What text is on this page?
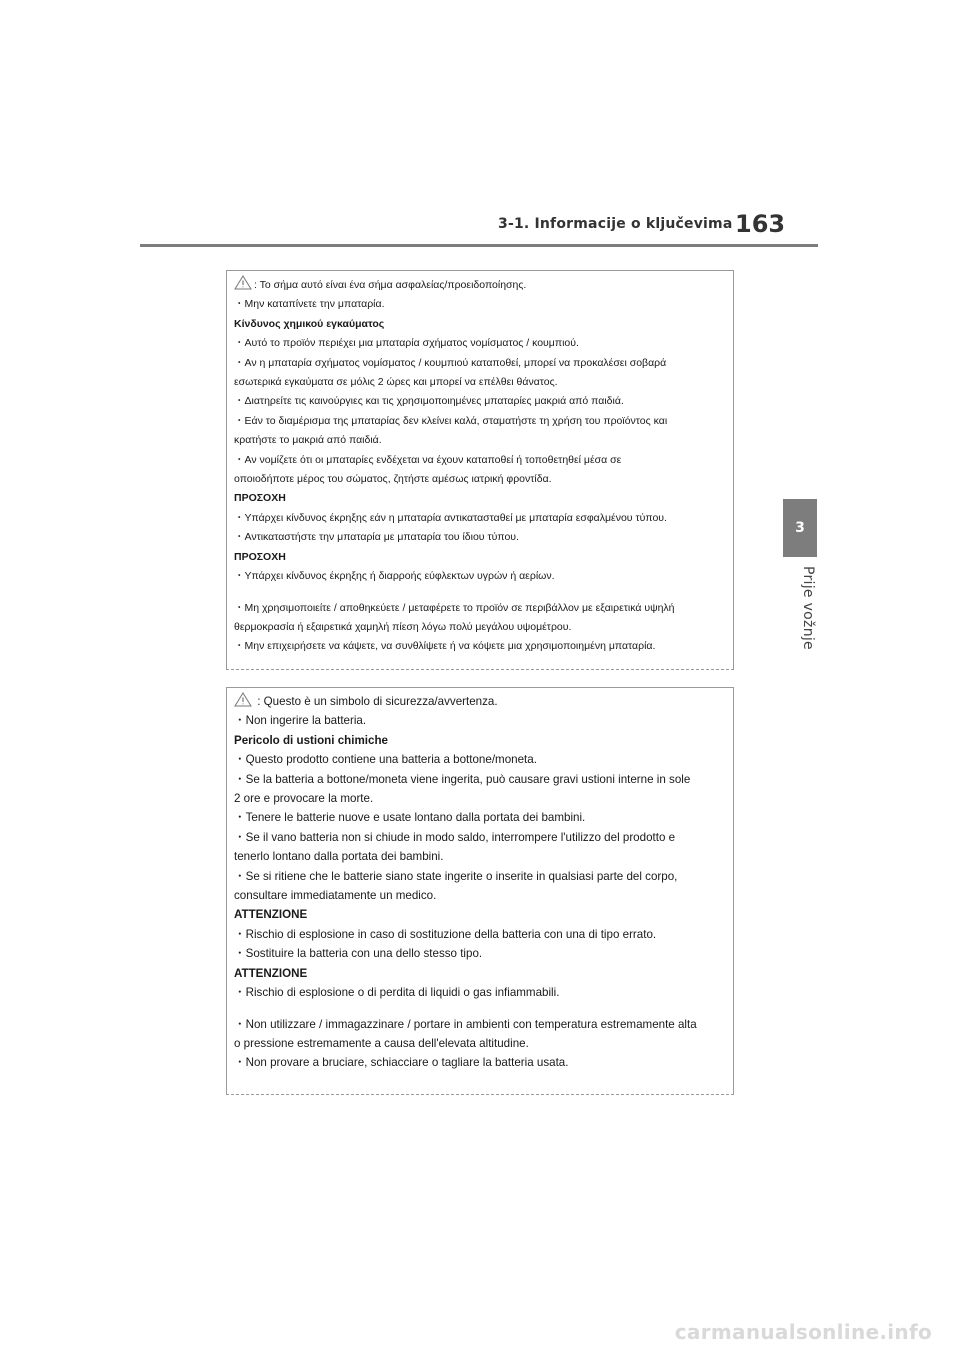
3-1. Informacije o ključevima 163
3
Prije vožnje
: Το σήμα αυτό είναι ένα σήμα ασφαλείας/προειδοποίησης.
・Μην καταπίνετε την μπαταρία.
Κίνδυνος χημικού εγκαύματος
・Αυτό το προϊόν περιέχει μια μπαταρία σχήματος νομίσματος / κουμπιού.
・Αν η μπαταρία σχήματος νομίσματος / κουμπιού καταποθεί, μπορεί να προκαλέσει σοβαρά
εσωτερικά εγκαύματα σε μόλις 2 ώρες και μπορεί να επέλθει θάνατος.
・Διατηρείτε τις καινούργιες και τις χρησιμοποιημένες μπαταρίες μακριά από παιδιά.
・Εάν το διαμέρισμα της μπαταρίας δεν κλείνει καλά, σταματήστε τη χρήση του προϊόντος και
κρατήστε το μακριά από παιδιά.
・Αν νομίζετε ότι οι μπαταρίες ενδέχεται να έχουν καταποθεί ή τοποθετηθεί μέσα σε
οποιοδήποτε μέρος του σώματος, ζητήστε αμέσως ιατρική φροντίδα.
ΠΡΟΣΟΧΗ
・Υπάρχει κίνδυνος έκρηξης εάν η μπαταρία αντικατασταθεί με μπαταρία εσφαλμένου τύπου.
・Αντικαταστήστε την μπαταρία με μπαταρία του ίδιου τύπου.
ΠΡΟΣΟΧΗ
・Υπάρχει κίνδυνος έκρηξης ή διαρροής εύφλεκτων υγρών ή αερίων.
・Μη χρησιμοποιείτε / αποθηκεύετε / μεταφέρετε το προϊόν σε περιβάλλον με εξαιρετικά υψηλή
θερμοκρασία ή εξαιρετικά χαμηλή πίεση λόγω πολύ μεγάλου υψομέτρου.
・Μην επιχειρήσετε να κάψετε, να συνθλίψετε ή να κόψετε μια χρησιμοποιημένη μπαταρία.
: Questo è un simbolo di sicurezza/avvertenza.
・Non ingerire la batteria.
Pericolo di ustioni chimiche
・Questo prodotto contiene una batteria a bottone/moneta.
・Se la batteria a bottone/moneta viene ingerita, può causare gravi ustioni interne in sole
2 ore e provocare la morte.
・Tenere le batterie nuove e usate lontano dalla portata dei bambini.
・Se il vano batteria non si chiude in modo saldo, interrompere l'utilizzo del prodotto e
tenerlo lontano dalla portata dei bambini.
・Se si ritiene che le batterie siano state ingerite o inserite in qualsiasi parte del corpo,
consultare immediatamente un medico.
ATTENZIONE
・Rischio di esplosione in caso di sostituzione della batteria con una di tipo errato.
・Sostituire la batteria con una dello stesso tipo.
ATTENZIONE
・Rischio di esplosione o di perdita di liquidi o gas infiammabili.
・Non utilizzare / immagazzinare / portare in ambienti con temperatura estremamente alta
o pressione estremamente a causa dell'elevata altitudine.
・Non provare a bruciare, schiacciare o tagliare la batteria usata.
carmanualsonline.info
